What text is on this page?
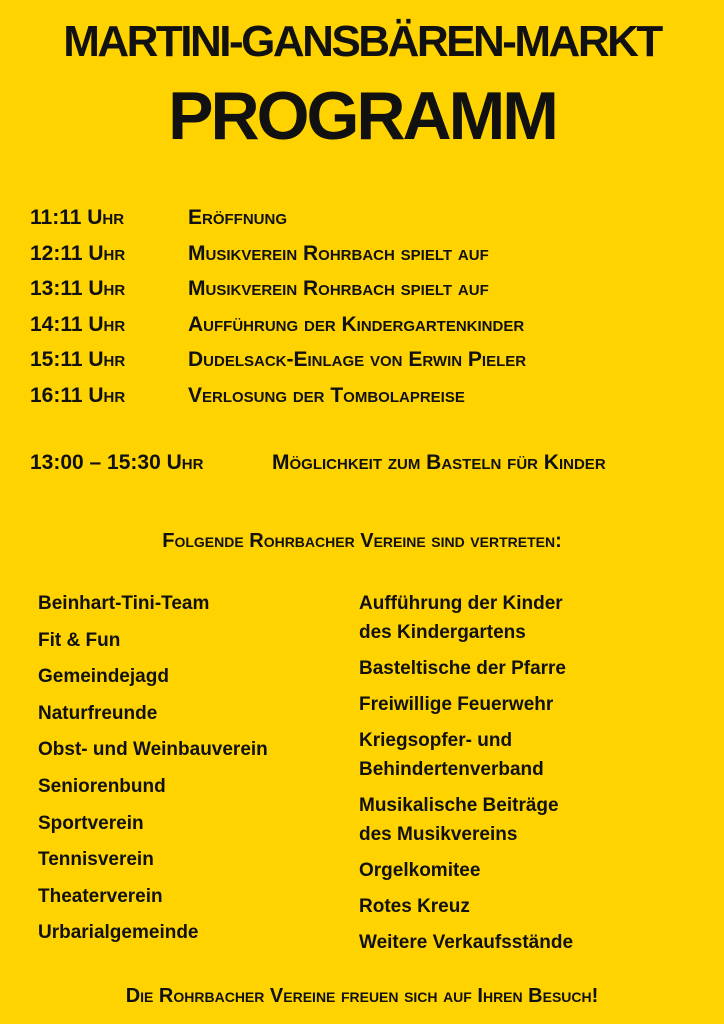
MARTINI-GANSBÄREN-MARKT
PROGRAMM
11:11 Uhr	Eröffnung
12:11 Uhr	Musikverein Rohrbach spielt auf
13:11 Uhr	Musikverein Rohrbach spielt auf
14:11 Uhr	Aufführung der Kindergartenkinder
15:11 Uhr	Dudelsack-Einlage von Erwin Pieler
16:11 Uhr	Verlosung der Tombolapreise
13:00 – 15:30 Uhr	Möglichkeit zum Basteln für Kinder
Folgende Rohrbacher Vereine sind vertreten:
Beinhart-Tini-Team
Fit & Fun
Gemeindejagd
Naturfreunde
Obst- und Weinbauverein
Seniorenbund
Sportverein
Tennisverein
Theaterverein
Urbarialgemeinde
Aufführung der Kinder
des Kindergartens
Basteltische der Pfarre
Freiwillige Feuerwehr
Kriegsopfer- und
Behindertenverband
Musikalische Beiträge
des Musikvereins
Orgelkomitee
Rotes Kreuz
Weitere Verkaufsstände
Die Rohrbacher Vereine freuen sich auf Ihren Besuch!
